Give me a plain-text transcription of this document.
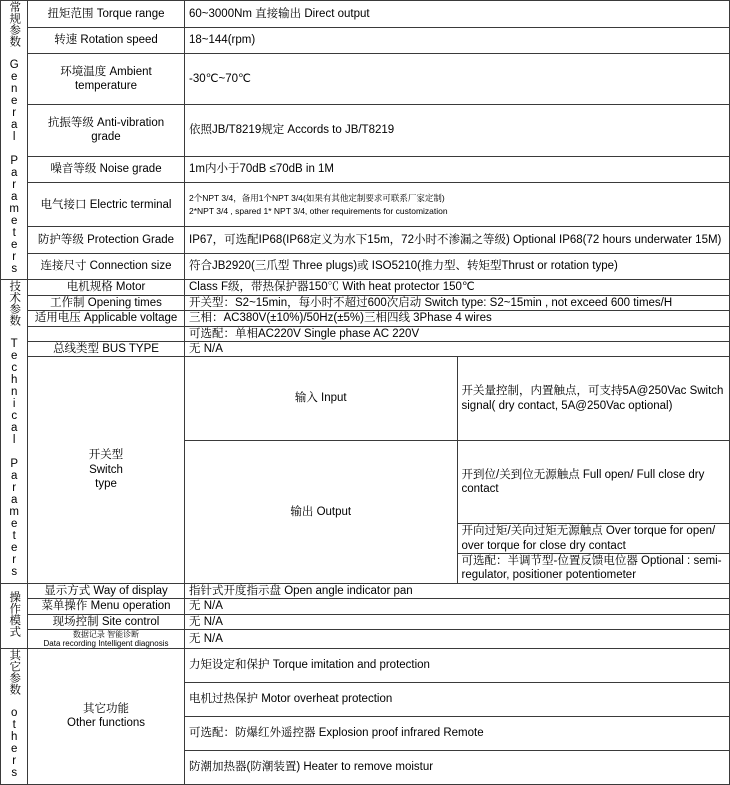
常规参数 General Parameters	扭矩范围 Torque range	60~3000Nm 直接输出 Direct output	
	转速 Rotation speed	18~144(rpm)	
	环境温度 Ambient temperature	-30℃~70℃	
	抗振等级 Anti-vibration grade	依照JB/T8219规定 Accords to JB/T8219	
	噪音等级 Noise grade	1m内小于70dB ≤70dB in 1M	
	电气接口 Electric terminal	2个NPT 3/4，备用1个NPT 3/4(如果有其他定制要求可联系厂家定制)
2*NPT 3/4 , spared 1* NPT 3/4, other requirements for customization	
	防护等级 Protection Grade	IP67，可选配IP68(IP68定义为水下15m，72小时不渗漏之等级) Optional IP68(72 hours underwater 15M)	
	连接尺寸 Connection size	符合JB2920(三爪型 Three plugs)或 ISO5210(推力型、转矩型Thrust or rotation type)	
技术参数 Technical Parameters	电机规格 Motor	Class F级，带热保护器150℃ With heat protector 150℃	
	工作制 Opening times	开关型：S2~15min，每小时不超过600次启动 Switch type: S2~15min , not exceed 600 times/H	
	适用电压 Applicable voltage	三相：AC380V(±10%)/50Hz(±5%)三相四线 3Phase 4 wires	
		可选配：单相AC220V Single phase AC 220V	
	总线类型 BUS TYPE	无 N/A	

	开关型
Switch
type	输入 Input	开关量控制，内置触点，可支持5A@250Vac Switch signal( dry contact, 5A@250Vac optional)
		输出 Output	开到位/关到位无源触点 Full open/ Full close dry contact
			开向过矩/关向过矩无源触点 Over torque for open/ over torque for close dry contact
			可选配：半调节型-位置反馈电位器 Optional : semi-regulator, positioner potentiometer
操作模式	显示方式 Way of display	指针式开度指示盘 Open angle indicator pan	
	菜单操作 Menu operation	无 N/A	
	现场控制 Site control	无 N/A	

	数据记录 智能诊断
Data recording Intelligent diagnosis	无 N/A	
其它参数 others	其它功能
Other functions	力矩设定和保护 Torque imitation and protection	
		电机过热保护 Motor overheat protection	
		可选配：防爆红外遥控器 Explosion proof infrared Remote	
		防潮加热器(防潮装置) Heater to remove moistur	
